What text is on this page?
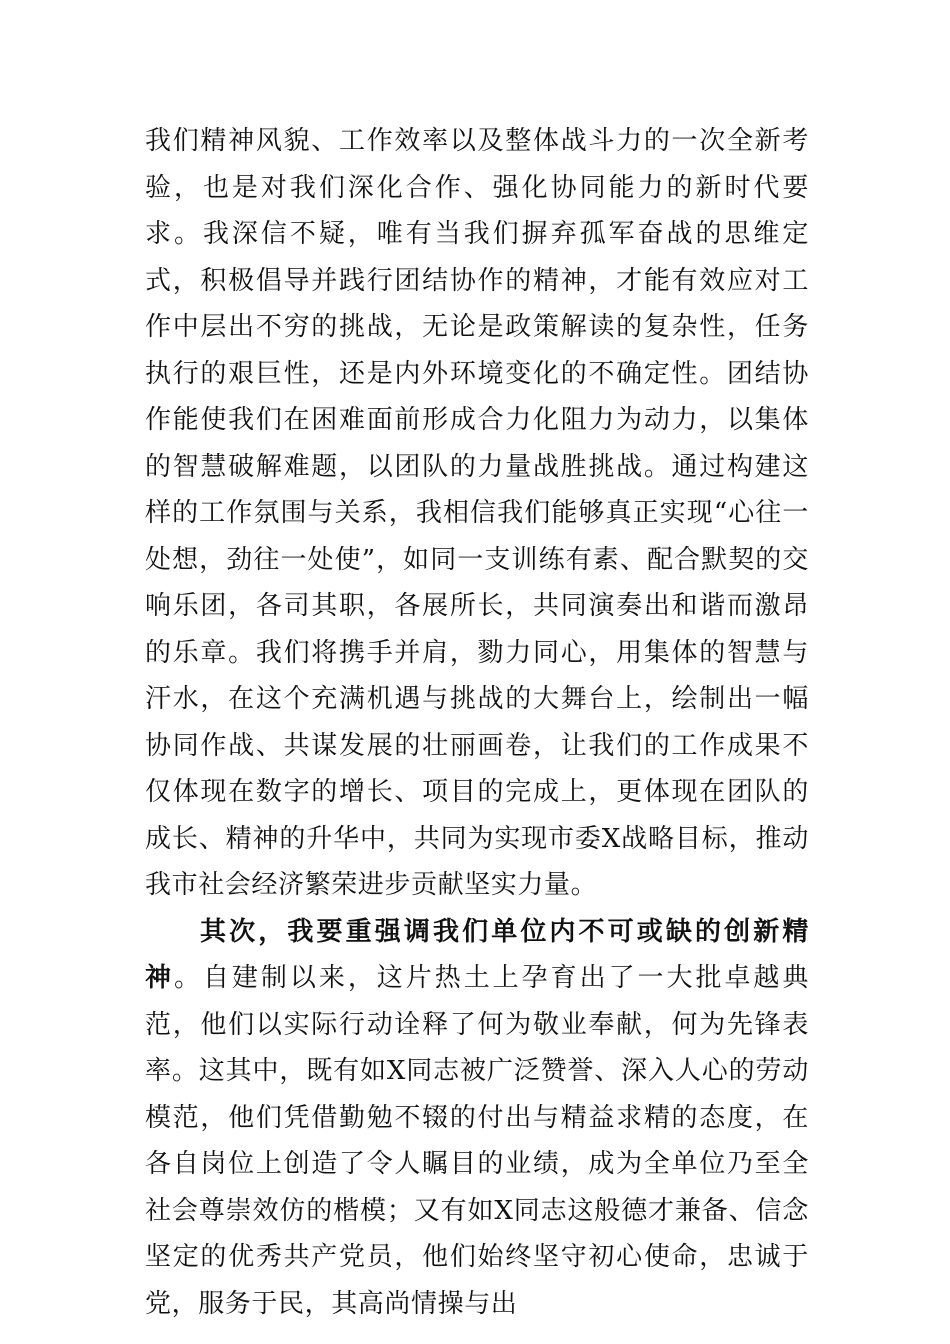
我们精神风貌、工作效率以及整体战斗力的一次全新考验，也是对我们深化合作、强化协同能力的新时代要求。我深信不疑，唯有当我们摒弃孤军奋战的思维定式，积极倡导并践行团结协作的精神，才能有效应对工作中层出不穷的挑战，无论是政策解读的复杂性，任务执行的艰巨性，还是内外环境变化的不确定性。团结协作能使我们在困难面前形成合力化阻力为动力，以集体的智慧破解难题，以团队的力量战胜挑战。通过构建这样的工作氛围与关系，我相信我们能够真正实现“心往一处想，劲往一处使”，如同一支训练有素、配合默契的交响乐团，各司其职，各展所长，共同演奏出和谐而激昂的乐章。我们将携手并肩，勠力同心，用集体的智慧与汗水，在这个充满机遇与挑战的大舞台上，绘制出一幅协同作战、共谋发展的壮丽画卷，让我们的工作成果不仅体现在数字的增长、项目的完成上，更体现在团队的成长、精神的升华中，共同为实现市委X战略目标，推动我市社会经济繁荣进步贡献坚实力量。

其次，我要重强调我们单位内不可或缺的创新精神。自建制以来，这片热土上孕育出了一大批卓越典范，他们以实际行动诠释了何为敬业奉献，何为先锋表率。这其中，既有如X同志被广泛赞誉、深入人心的劳动模范，他们凭借勤勉不辍的付出与精益求精的态度，在各自岗位上创造了令人瞩目的业绩，成为全单位乃至全社会尊崇效仿的楷模；又有如X同志这般德才兼备、信念坚定的优秀共产党员，他们始终坚守初心使命，忠诚于党，服务于民，其高尚情操与出
